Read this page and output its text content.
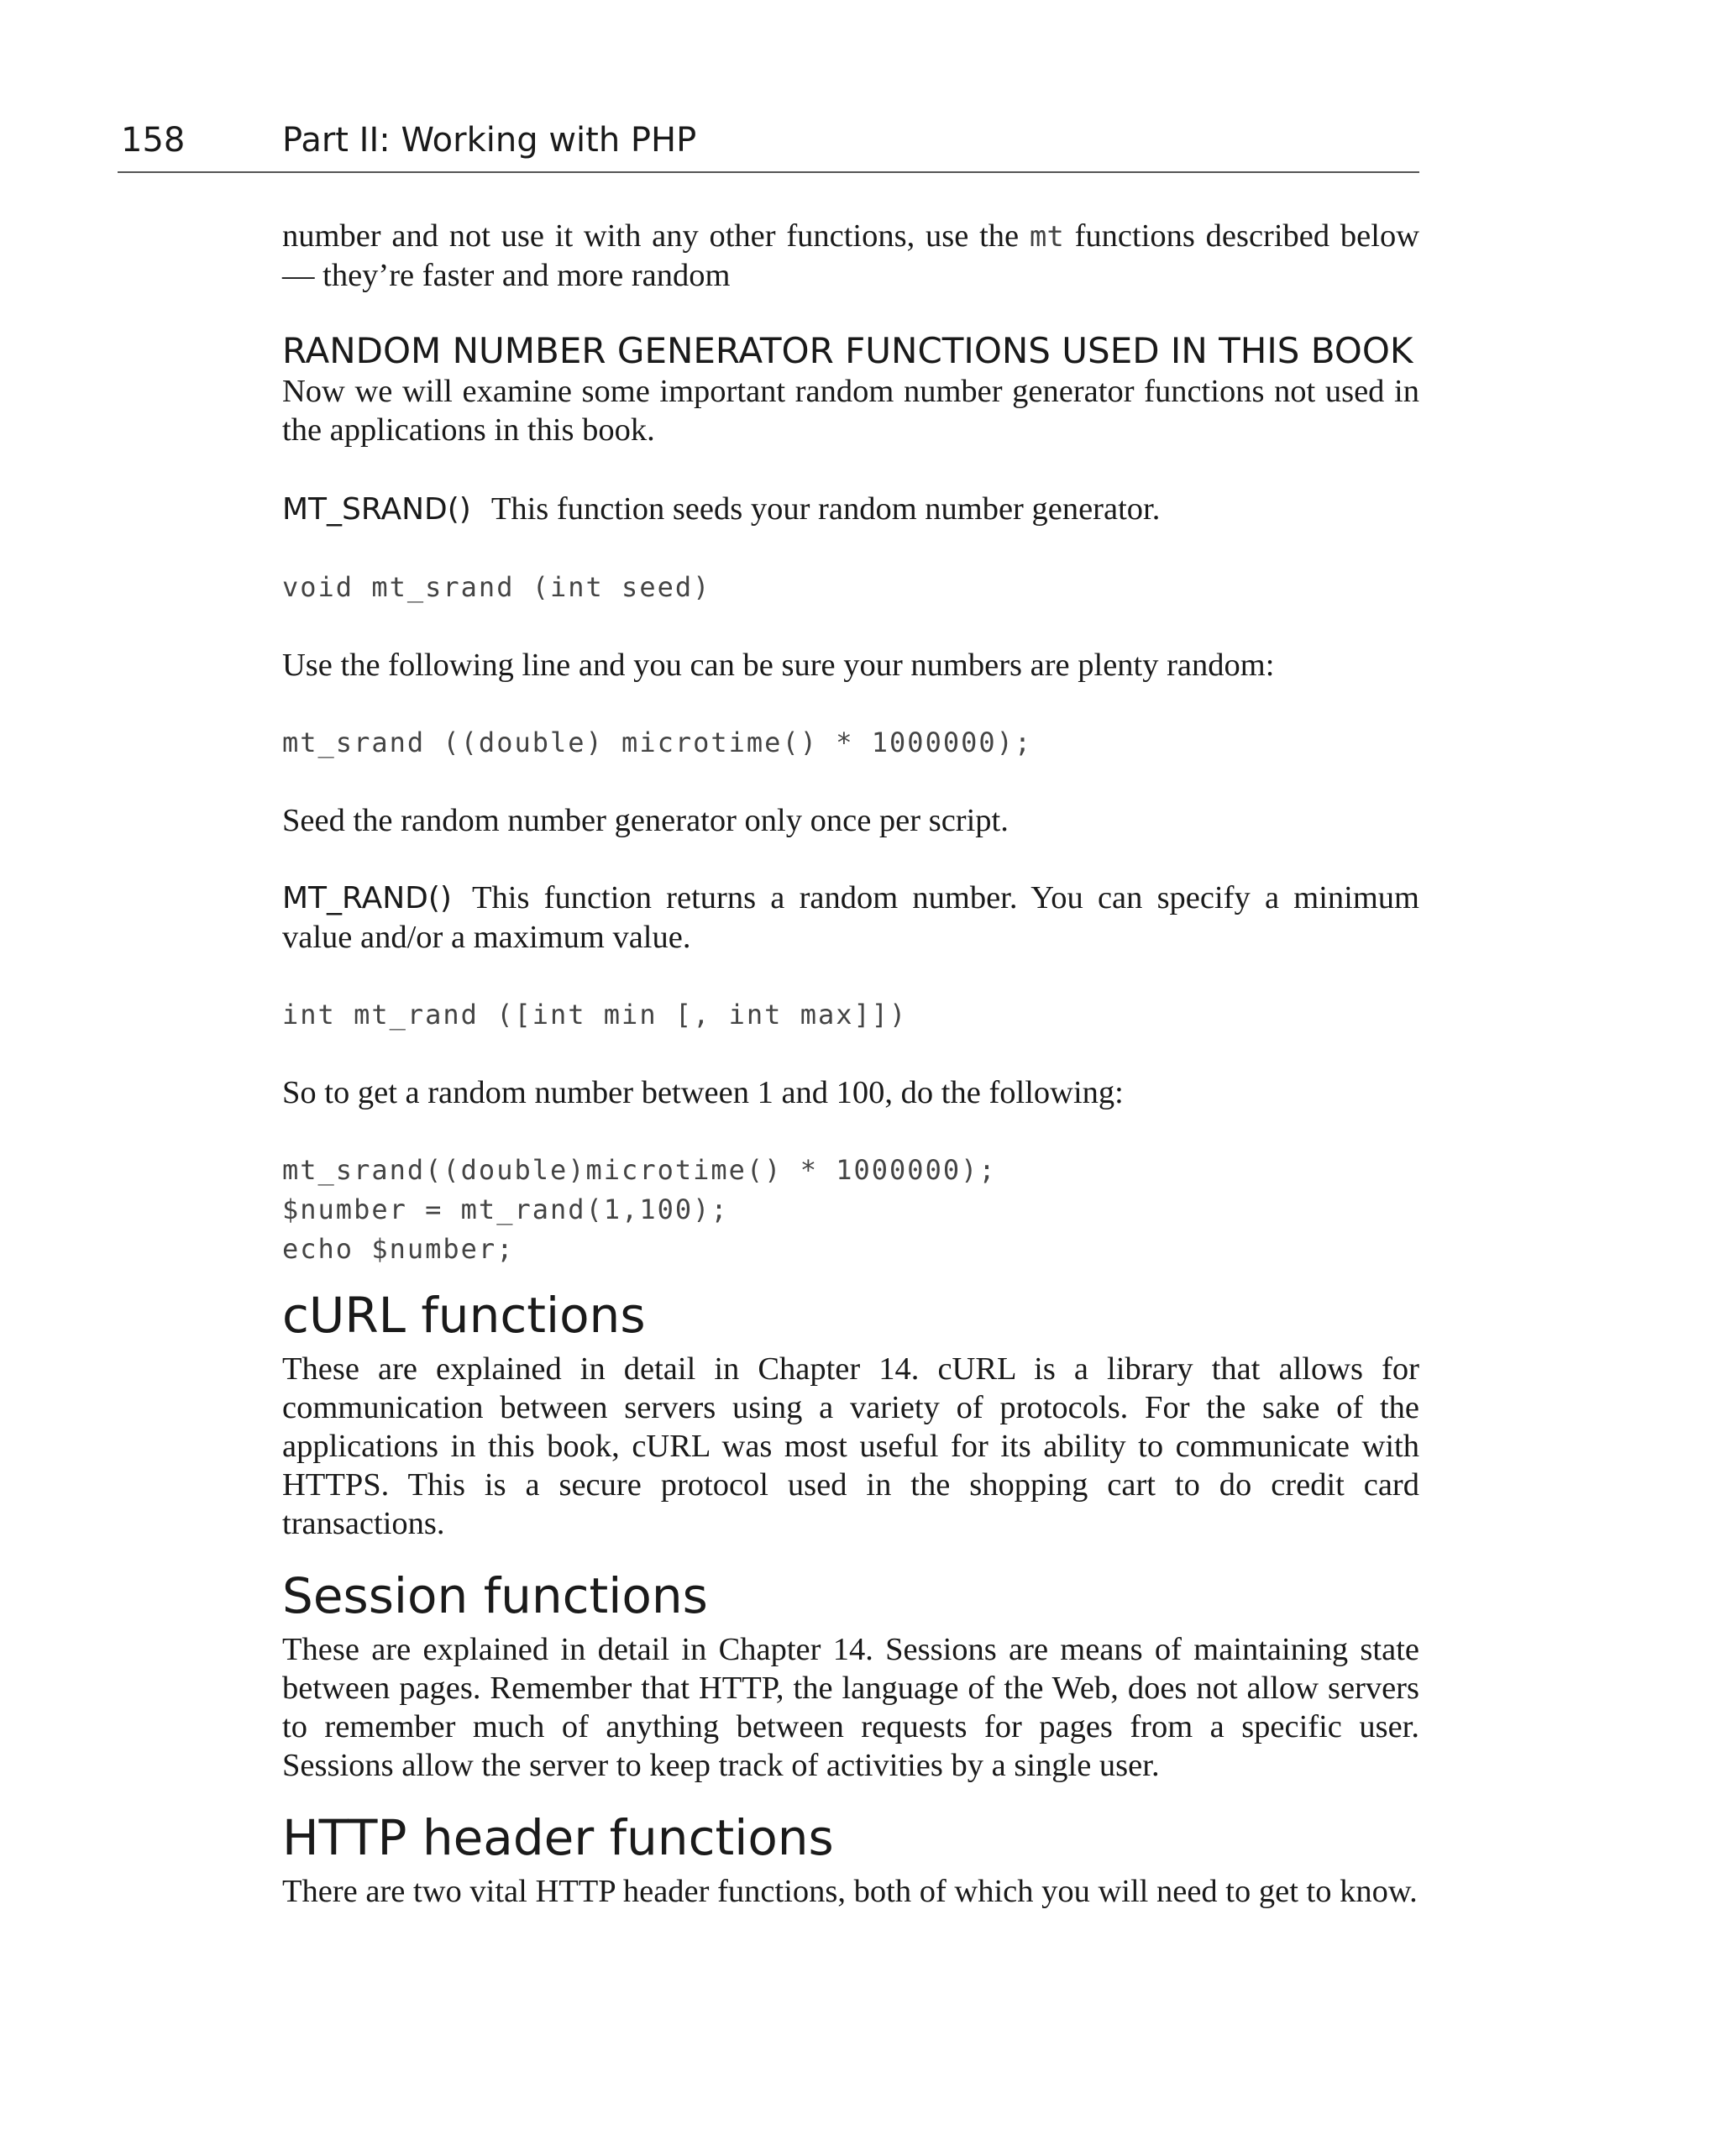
158	Part II: Working with PHP

number and not use it with any other functions, use the mt functions described below — they’re faster and more random

RANDOM NUMBER GENERATOR FUNCTIONS USED IN THIS BOOK

Now we will examine some important random number generator functions not used in the applications in this book.

MT_SRAND() This function seeds your random number generator.

void mt_srand (int seed)

Use the following line and you can be sure your numbers are plenty random:

mt_srand ((double) microtime() * 1000000);

Seed the random number generator only once per script.

MT_RAND() This function returns a random number. You can specify a minimum value and/or a maximum value.

int mt_rand ([int min [, int max]])

So to get a random number between 1 and 100, do the following:

mt_srand((double)microtime() * 1000000);

$number = mt_rand(1,100);

echo $number;

cURL functions

These are explained in detail in Chapter 14. cURL is a library that allows for communication between servers using a variety of protocols. For the sake of the applications in this book, cURL was most useful for its ability to communicate with HTTPS. This is a secure protocol used in the shopping cart to do credit card transactions.

Session functions

These are explained in detail in Chapter 14. Sessions are means of maintaining state between pages. Remember that HTTP, the language of the Web, does not allow servers to remember much of anything between requests for pages from a specific user. Sessions allow the server to keep track of activities by a single user.

HTTP header functions

There are two vital HTTP header functions, both of which you will need to get to know.
